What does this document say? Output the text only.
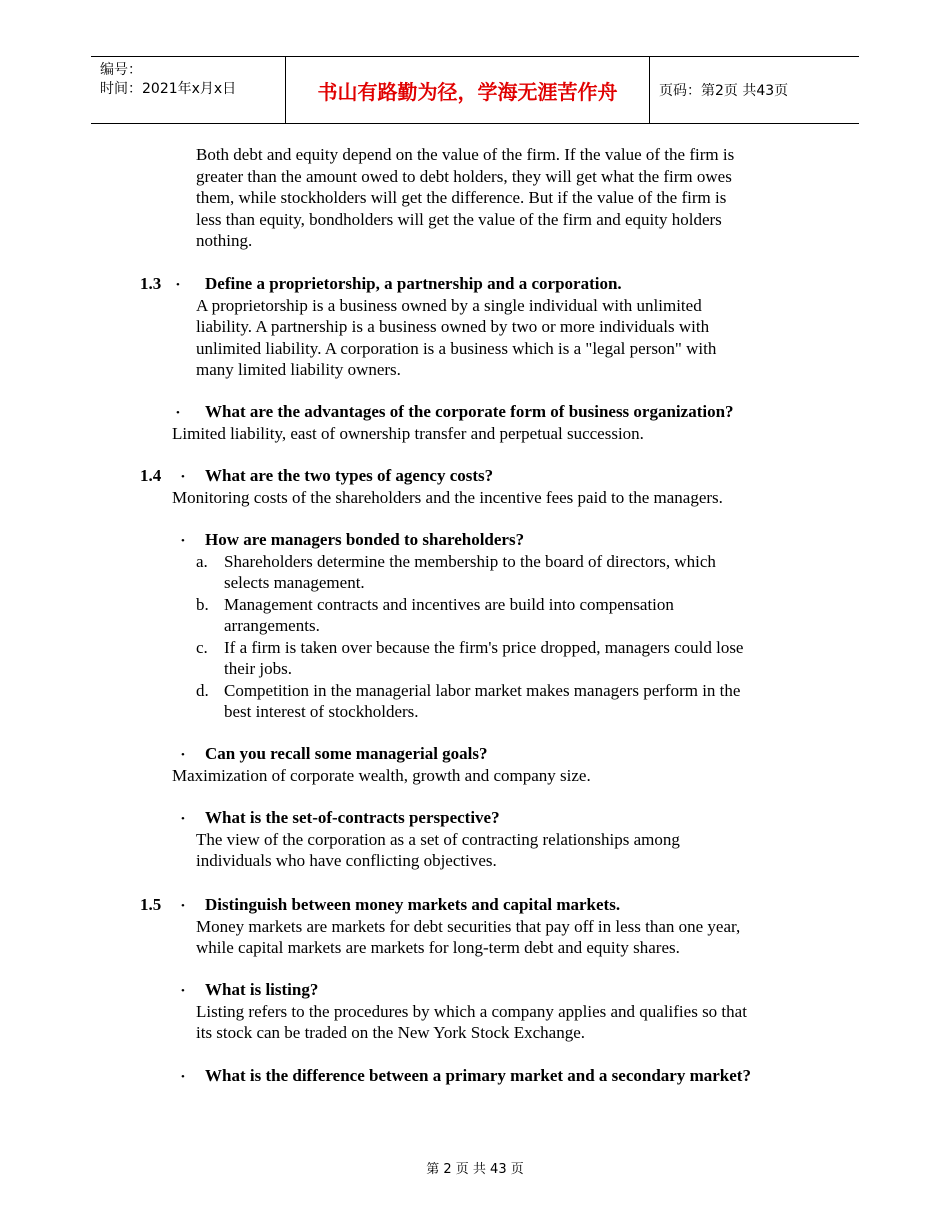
编号：
时间：2021年x月x日	书山有路勤为径，学海无涯苦作舟	页码：第2页 共43页
Both debt and equity depend on the value of the firm. If the value of the firm is
greater than the amount owed to debt holders, they will get what the firm owes
them, while stockholders will get the difference. But if the value of the firm is
less than equity, bondholders will get the value of the firm and equity holders
nothing.
1.3 • Define a proprietorship, a partnership and a corporation.
A proprietorship is a business owned by a single individual with unlimited
liability. A partnership is a business owned by two or more individuals with
unlimited liability. A corporation is a business which is a "legal person" with
many limited liability owners.
• What are the advantages of the corporate form of business organization?
Limited liability, east of ownership transfer and perpetual succession.
1.4 • What are the two types of agency costs?
Monitoring costs of the shareholders and the incentive fees paid to the managers.
• How are managers bonded to shareholders?
a. Shareholders determine the membership to the board of directors, which
selects management.
b. Management contracts and incentives are build into compensation
arrangements.
c. If a firm is taken over because the firm's price dropped, managers could lose
their jobs.
d. Competition in the managerial labor market makes managers perform in the
best interest of stockholders.
• Can you recall some managerial goals?
Maximization of corporate wealth, growth and company size.
• What is the set-of-contracts perspective?
The view of the corporation as a set of contracting relationships among
individuals who have conflicting objectives.
1.5 • Distinguish between money markets and capital markets.
Money markets are markets for debt securities that pay off in less than one year,
while capital markets are markets for long-term debt and equity shares.
• What is listing?
Listing refers to the procedures by which a company applies and qualifies so that
its stock can be traded on the New York Stock Exchange.
• What is the difference between a primary market and a secondary market?
第 2 页 共 43 页
